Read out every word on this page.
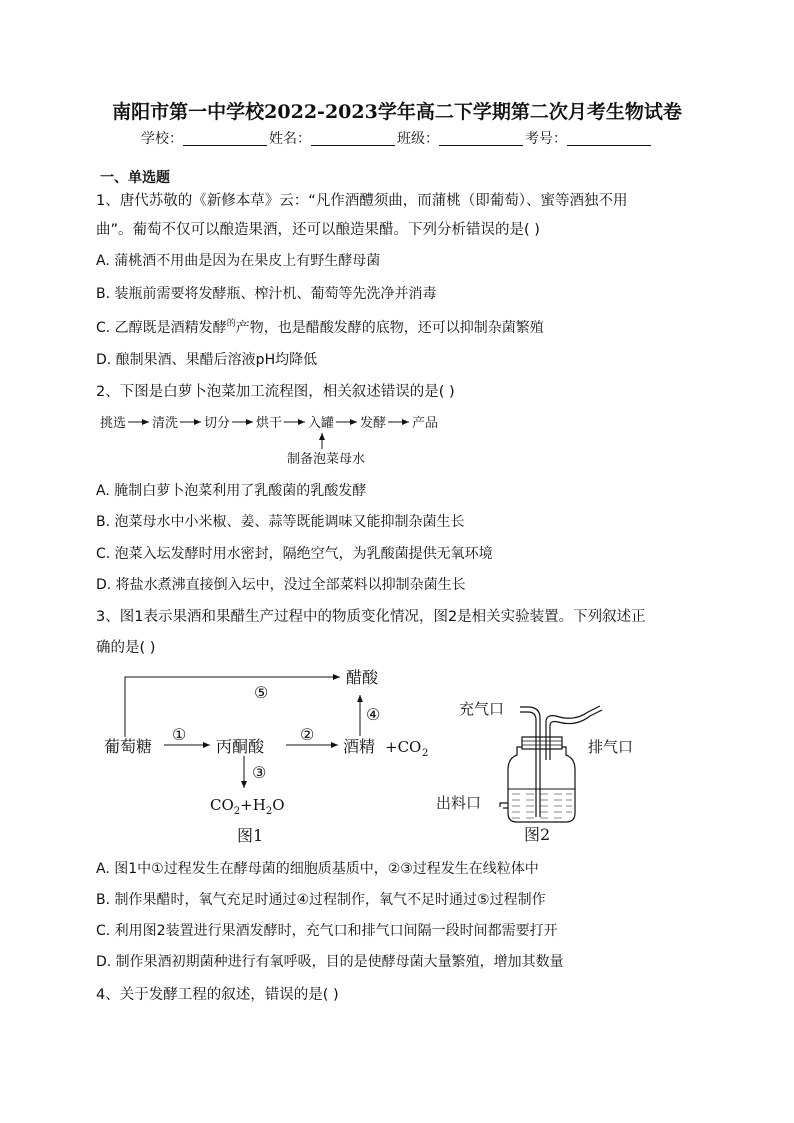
南阳市第一中学校2022-2023学年高二下学期第二次月考生物试卷
学校：	姓名：	班级：	考号：
一、单选题
1、唐代苏敬的《新修本草》云：“凡作酒醴须曲，而蒲桃（即葡萄）、蜜等酒独不用
曲”。葡萄不仅可以酿造果酒，还可以酿造果醋。下列分析错误的是( )
A. 蒲桃酒不用曲是因为在果皮上有野生酵母菌
B. 装瓶前需要将发酵瓶、榨汁机、葡萄等先洗净并消毒
C. 乙醇既是酒精发酵$^的$产物，也是醋酸发酵的底物，还可以抑制杂菌繁殖
D. 酿制果酒、果醋后溶液pH均降低
2、下图是白萝卜泡菜加工流程图，相关叙述错误的是( )
挑选 清洗 切分 烘干 入罐 发酵 产品
制备泡菜母水
A. 腌制白萝卜泡菜利用了乳酸菌的乳酸发酵
B. 泡菜母水中小米椒、姜、蒜等既能调味又能抑制杂菌生长
C. 泡菜入坛发酵时用水密封，隔绝空气，为乳酸菌提供无氧环境
D. 将盐水煮沸直接倒入坛中，没过全部菜料以抑制杂菌生长
3、图1表示果酒和果醋生产过程中的物质变化情况，图2是相关实验装置。下列叙述正
确的是( )
醋酸
⑤
葡萄糖
①
丙酮酸
②
酒精 +CO 2
④
③
$CO_2+H_2O$
图1
充气口
排气口
出料口
图2
A. 图1中①过程发生在酵母菌的细胞质基质中，②③过程发生在线粒体中
B. 制作果醋时，氧气充足时通过④过程制作，氧气不足时通过⑤过程制作
C. 利用图2装置进行果酒发酵时，充气口和排气口间隔一段时间都需要打开
D. 制作果酒初期菌种进行有氧呼吸，目的是使酵母菌大量繁殖，增加其数量
4、关于发酵工程的叙述，错误的是( )
